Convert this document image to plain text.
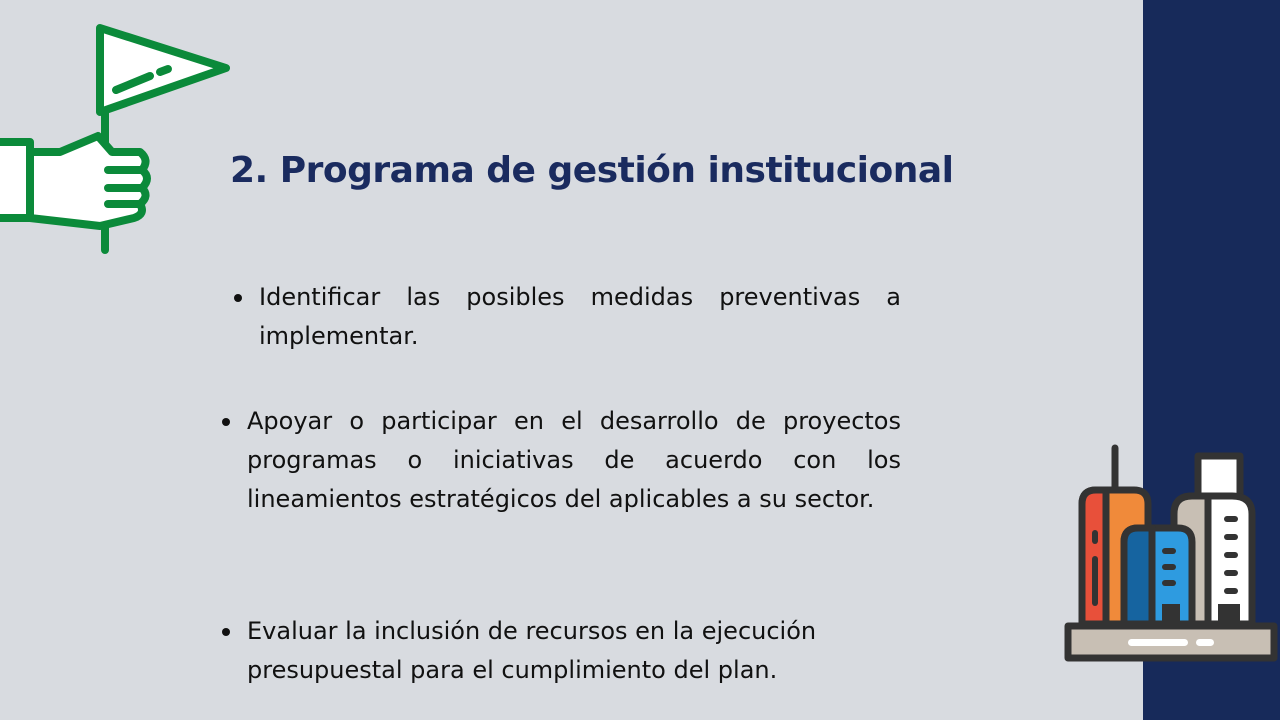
2. Programa de gestión institucional
Identificar las posibles medidas preventivas a implementar.
Apoyar o participar en el desarrollo de proyectos programas o iniciativas de acuerdo con los lineamientos estratégicos del aplicables a su sector.
Evaluar la inclusión de recursos en la ejecución presupuestal para el cumplimiento del plan.
